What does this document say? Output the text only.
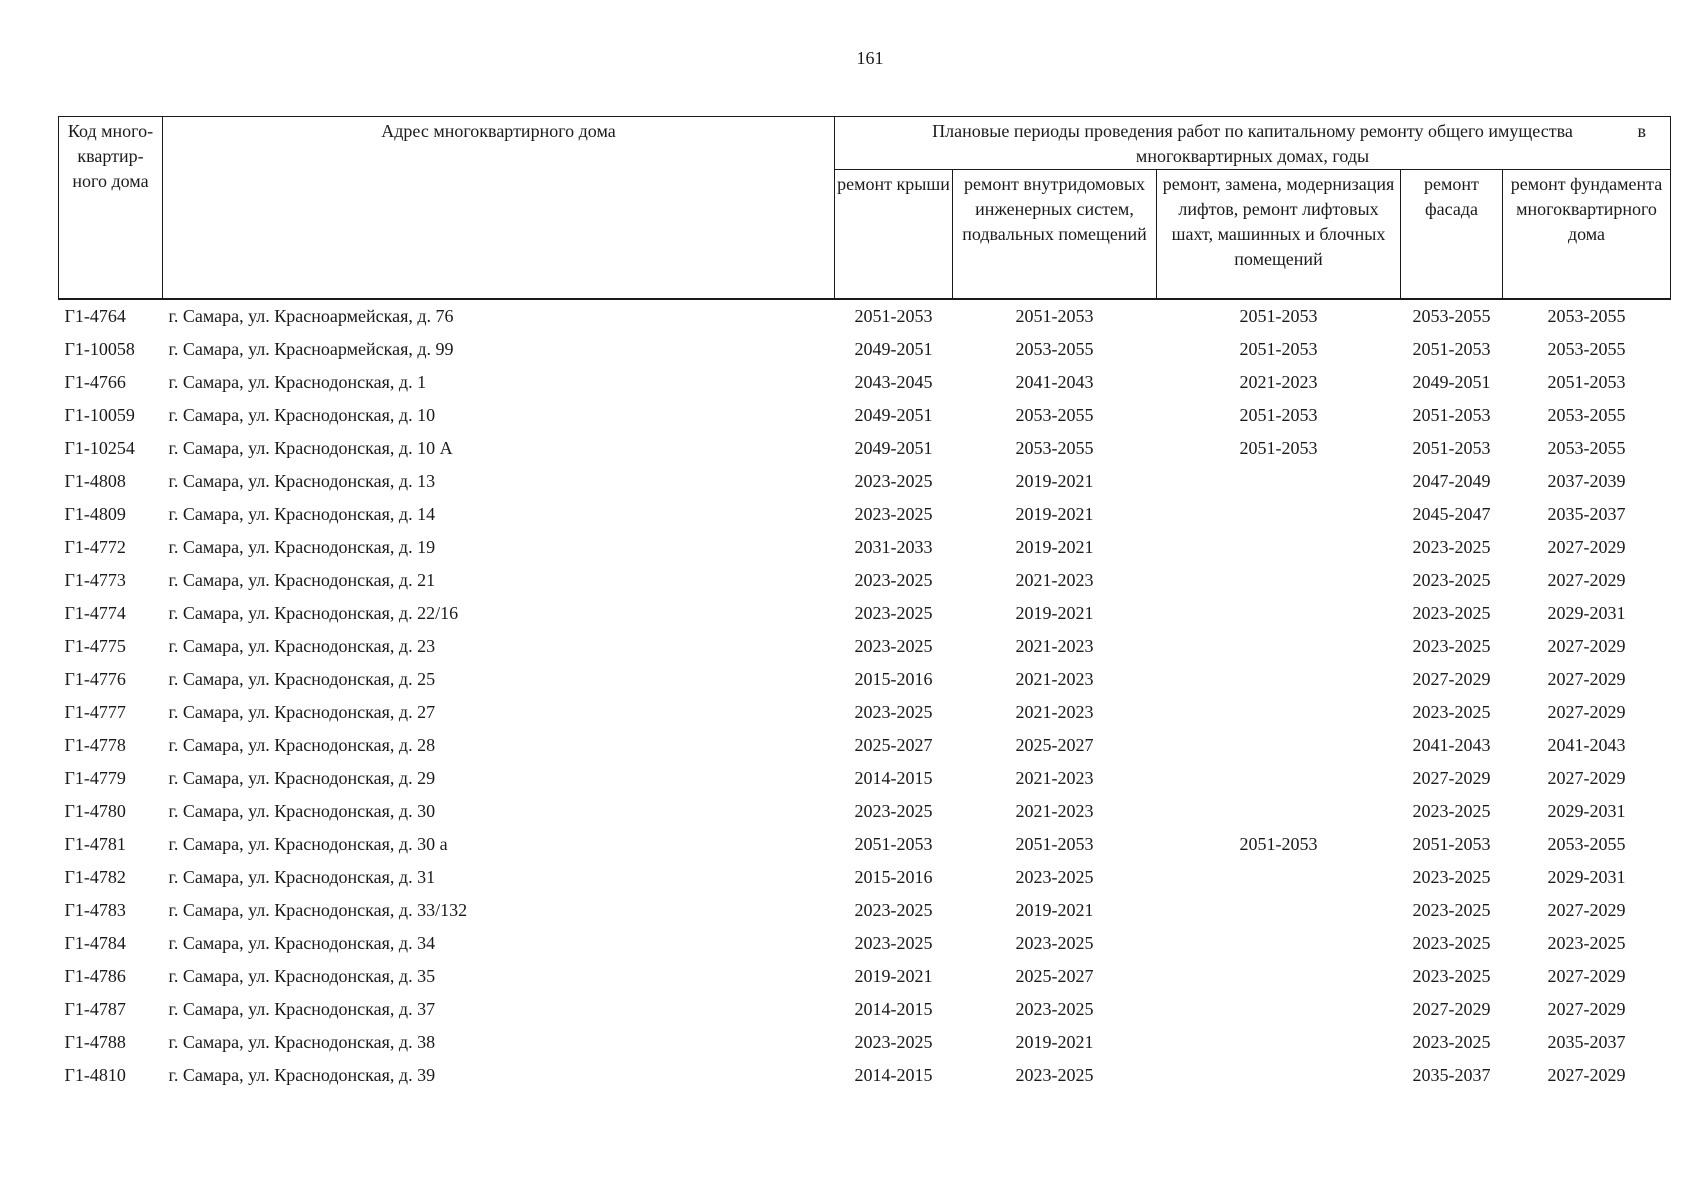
161
Код много-квартир-ного дома	Адрес многоквартирного дома	Плановые периоды проведения работ по капитальному ремонту общего имущества в
многоквартирных домах, годы				

		ремонт крыши	ремонт внутридомовых инженерных систем, подвальных помещений	ремонт, замена, модернизация лифтов, ремонт лифтовых шахт, машинных и блочных помещений	ремонт фасада	ремонт фундамента многоквартирного дома
Г1-4764	г. Самара, ул. Красноармейская, д. 76	2051-2053	2051-2053	2051-2053	2053-2055	2053-2055
Г1-10058	г. Самара, ул. Красноармейская, д. 99	2049-2051	2053-2055	2051-2053	2051-2053	2053-2055
Г1-4766	г. Самара, ул. Краснодонская, д. 1	2043-2045	2041-2043	2021-2023	2049-2051	2051-2053
Г1-10059	г. Самара, ул. Краснодонская, д. 10	2049-2051	2053-2055	2051-2053	2051-2053	2053-2055
Г1-10254	г. Самара, ул. Краснодонская, д. 10 А	2049-2051	2053-2055	2051-2053	2051-2053	2053-2055
Г1-4808	г. Самара, ул. Краснодонская, д. 13	2023-2025	2019-2021		2047-2049	2037-2039
Г1-4809	г. Самара, ул. Краснодонская, д. 14	2023-2025	2019-2021		2045-2047	2035-2037
Г1-4772	г. Самара, ул. Краснодонская, д. 19	2031-2033	2019-2021		2023-2025	2027-2029
Г1-4773	г. Самара, ул. Краснодонская, д. 21	2023-2025	2021-2023		2023-2025	2027-2029
Г1-4774	г. Самара, ул. Краснодонская, д. 22/16	2023-2025	2019-2021		2023-2025	2029-2031
Г1-4775	г. Самара, ул. Краснодонская, д. 23	2023-2025	2021-2023		2023-2025	2027-2029
Г1-4776	г. Самара, ул. Краснодонская, д. 25	2015-2016	2021-2023		2027-2029	2027-2029
Г1-4777	г. Самара, ул. Краснодонская, д. 27	2023-2025	2021-2023		2023-2025	2027-2029
Г1-4778	г. Самара, ул. Краснодонская, д. 28	2025-2027	2025-2027		2041-2043	2041-2043
Г1-4779	г. Самара, ул. Краснодонская, д. 29	2014-2015	2021-2023		2027-2029	2027-2029
Г1-4780	г. Самара, ул. Краснодонская, д. 30	2023-2025	2021-2023		2023-2025	2029-2031
Г1-4781	г. Самара, ул. Краснодонская, д. 30 а	2051-2053	2051-2053	2051-2053	2051-2053	2053-2055
Г1-4782	г. Самара, ул. Краснодонская, д. 31	2015-2016	2023-2025		2023-2025	2029-2031
Г1-4783	г. Самара, ул. Краснодонская, д. 33/132	2023-2025	2019-2021		2023-2025	2027-2029
Г1-4784	г. Самара, ул. Краснодонская, д. 34	2023-2025	2023-2025		2023-2025	2023-2025
Г1-4786	г. Самара, ул. Краснодонская, д. 35	2019-2021	2025-2027		2023-2025	2027-2029
Г1-4787	г. Самара, ул. Краснодонская, д. 37	2014-2015	2023-2025		2027-2029	2027-2029
Г1-4788	г. Самара, ул. Краснодонская, д. 38	2023-2025	2019-2021		2023-2025	2035-2037
Г1-4810	г. Самара, ул. Краснодонская, д. 39	2014-2015	2023-2025		2035-2037	2027-2029
